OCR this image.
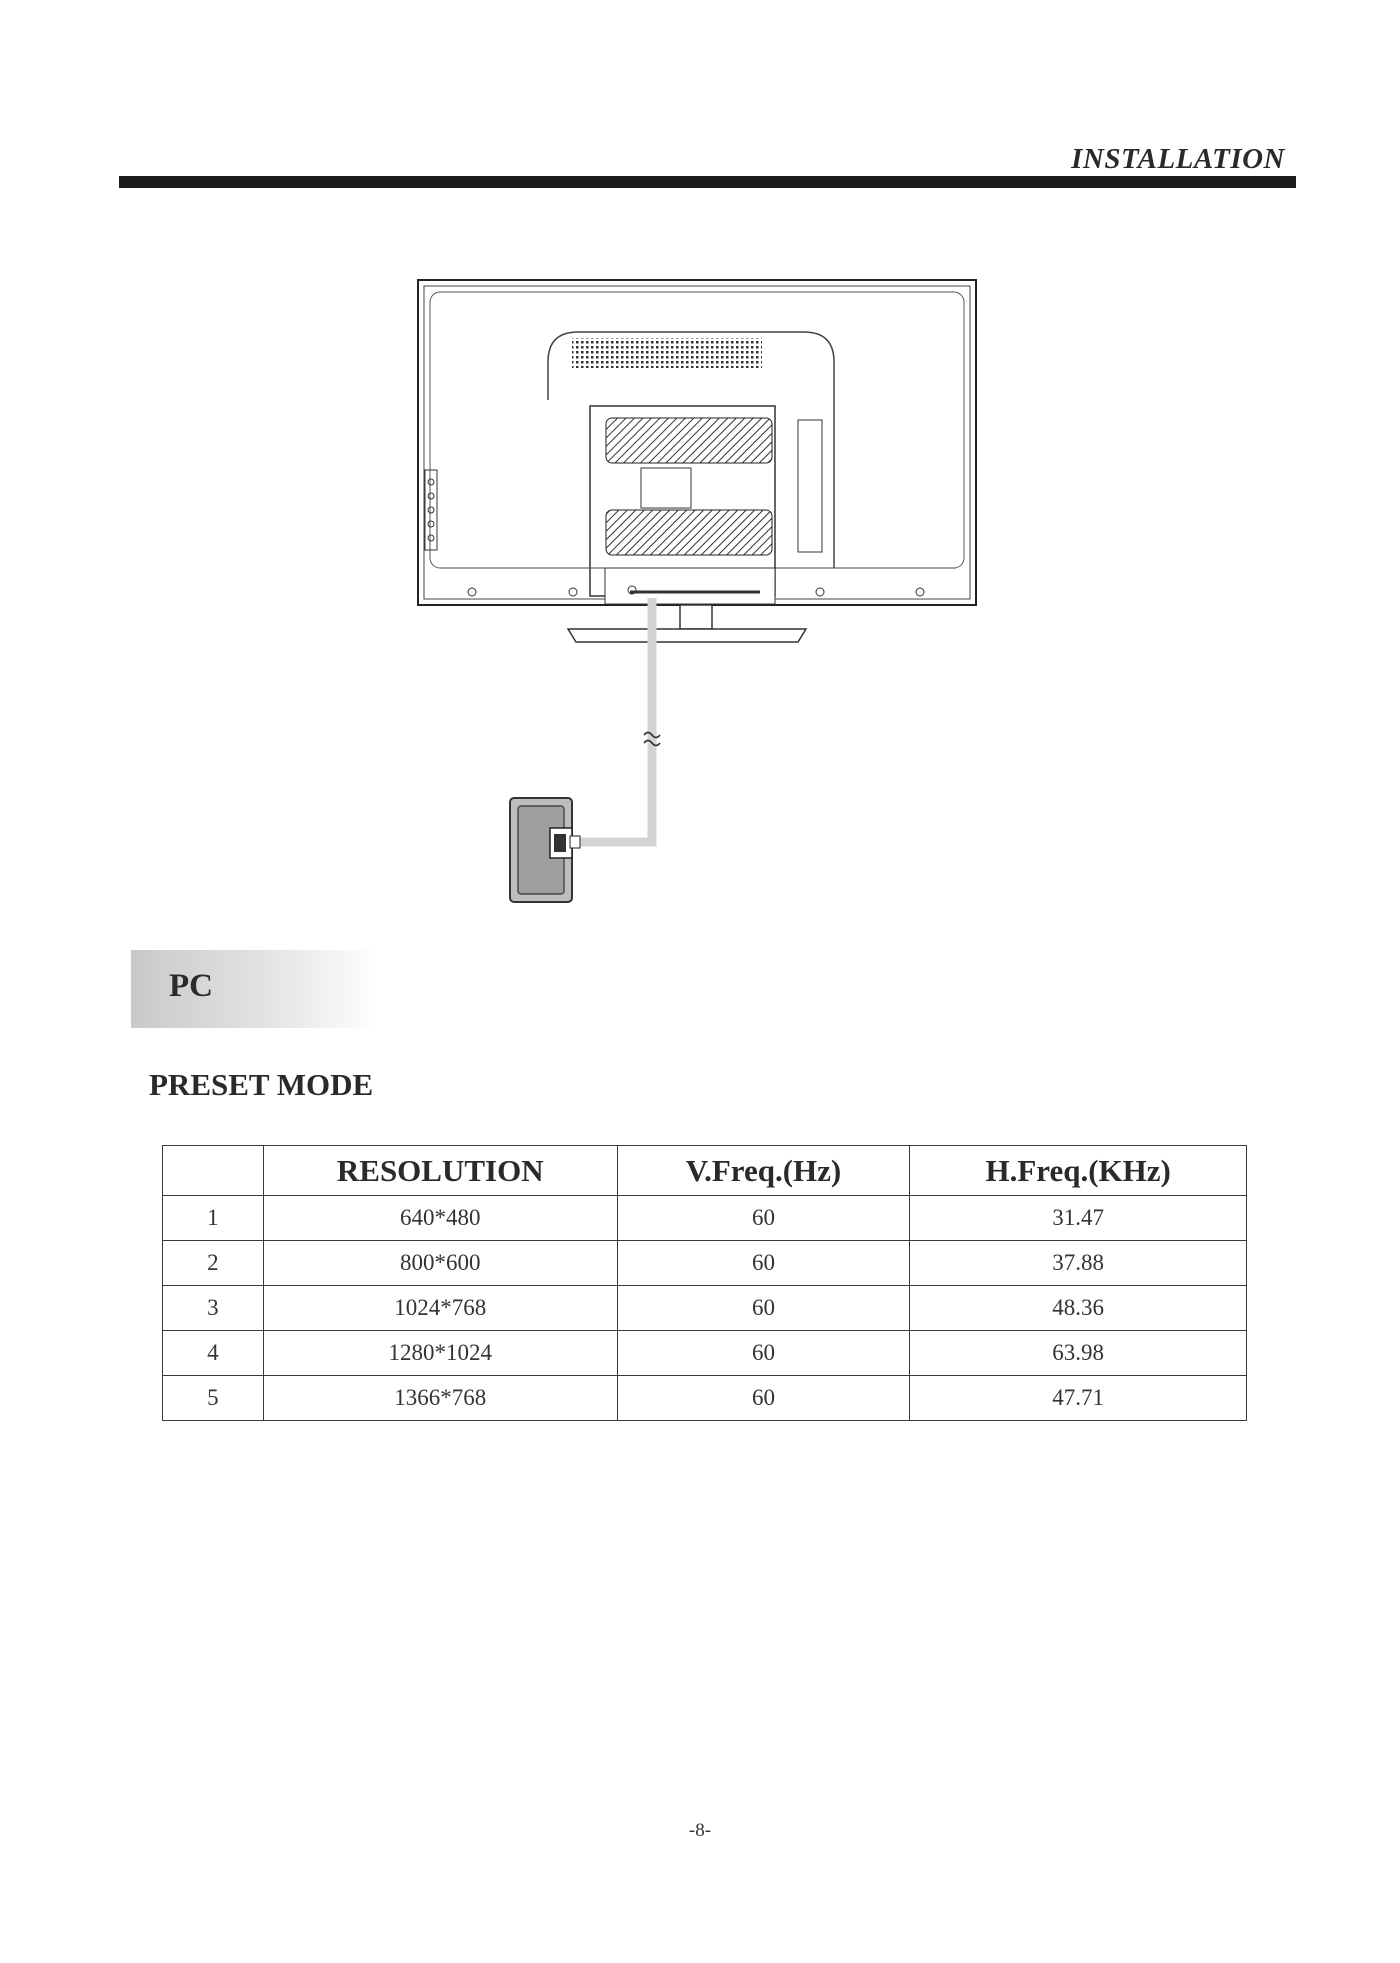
INSTALLATION
PC
PRESET MODE
	RESOLUTION	V.Freq.(Hz)	H.Freq.(KHz)
1	640*480	60	31.47
2	800*600	60	37.88
3	1024*768	60	48.36
4	1280*1024	60	63.98
5	1366*768	60	47.71
-8-
